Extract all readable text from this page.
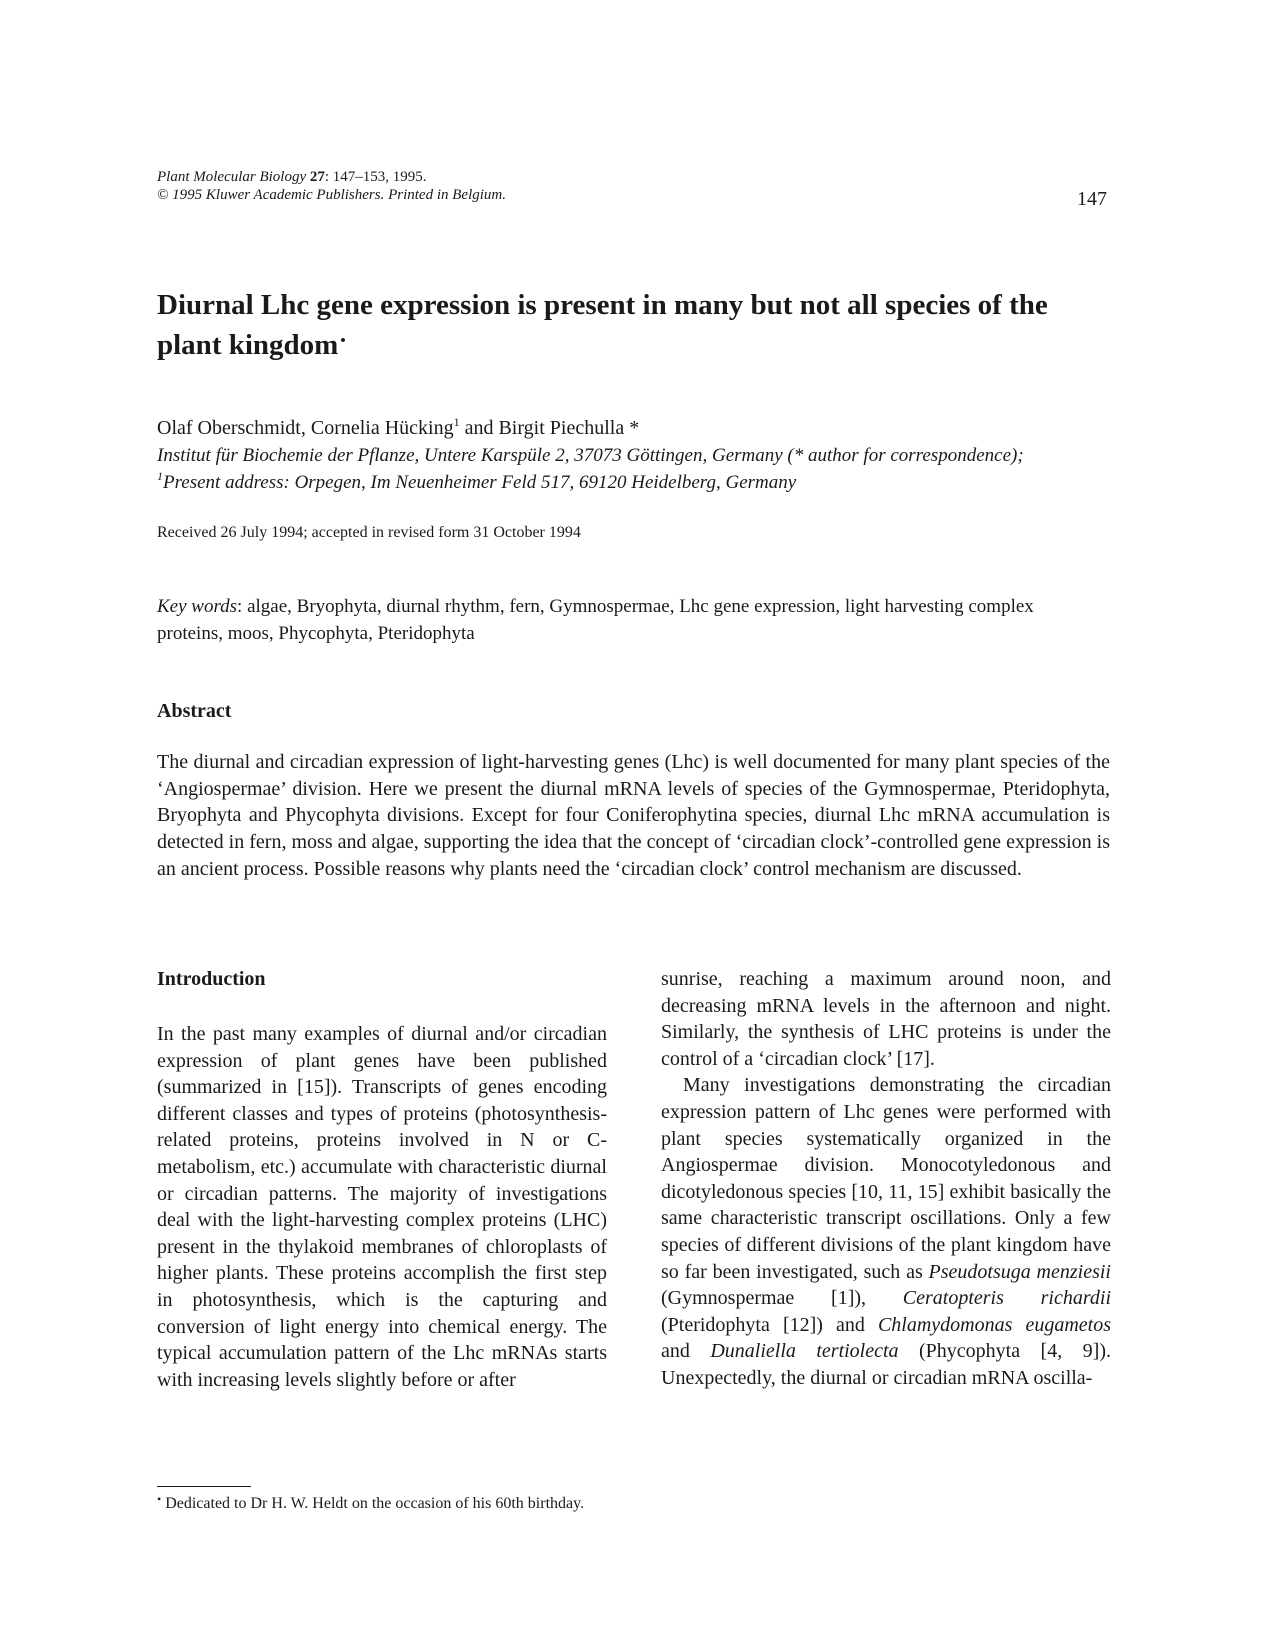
Plant Molecular Biology 27: 147–153, 1995.
© 1995 Kluwer Academic Publishers. Printed in Belgium.	147
Diurnal Lhc gene expression is present in many but not all species of the plant kingdom •
Olaf Oberschmidt, Cornelia Hücking$^1$ and Birgit Piechulla *
Institut für Biochemie der Pflanze, Untere Karspüle 2, 37073 Göttingen, Germany (* author for correspondence); $^1$Present address: Orpegen, Im Neuenheimer Feld 517, 69120 Heidelberg, Germany
Received 26 July 1994; accepted in revised form 31 October 1994
Key words: algae, Bryophyta, diurnal rhythm, fern, Gymnospermae, Lhc gene expression, light harvesting complex proteins, moos, Phycophyta, Pteridophyta
Abstract
The diurnal and circadian expression of light-harvesting genes (Lhc) is well documented for many plant species of the ‘Angiospermae’ division. Here we present the diurnal mRNA levels of species of the Gymnospermae, Pteridophyta, Bryophyta and Phycophyta divisions. Except for four Coniferophytina species, diurnal Lhc mRNA accumulation is detected in fern, moss and algae, supporting the idea that the concept of ‘circadian clock’-controlled gene expression is an ancient process. Possible reasons why plants need the ‘circadian clock’ control mechanism are discussed.
Introduction

In the past many examples of diurnal and/or circadian expression of plant genes have been published (summarized in [15]). Transcripts of genes encoding different classes and types of proteins (photosynthesis-related proteins, proteins involved in N or C-metabolism, etc.) accumulate with characteristic diurnal or circadian patterns. The majority of investigations deal with the light-harvesting complex proteins (LHC) present in the thylakoid membranes of chloroplasts of higher plants. These proteins accomplish the first step in photosynthesis, which is the capturing and conversion of light energy into chemical energy. The typical accumulation pattern of the Lhc mRNAs starts with increasing levels slightly before or after

sunrise, reaching a maximum around noon, and decreasing mRNA levels in the afternoon and night. Similarly, the synthesis of LHC proteins is under the control of a ‘circadian clock’ [17].

Many investigations demonstrating the circadian expression pattern of Lhc genes were performed with plant species systematically organized in the Angiospermae division. Monocotyledonous and dicotyledonous species [10, 11, 15] exhibit basically the same characteristic transcript oscillations. Only a few species of different divisions of the plant kingdom have so far been investigated, such as Pseudotsuga menziesii (Gymnospermae [1]), Ceratopteris richardii (Pteridophyta [12]) and Chlamydomonas eugametos and Dunaliella tertiolecta (Phycophyta [4, 9]). Unexpectedly, the diurnal or circadian mRNA oscilla-

• Dedicated to Dr H. W. Heldt on the occasion of his 60th birthday.
